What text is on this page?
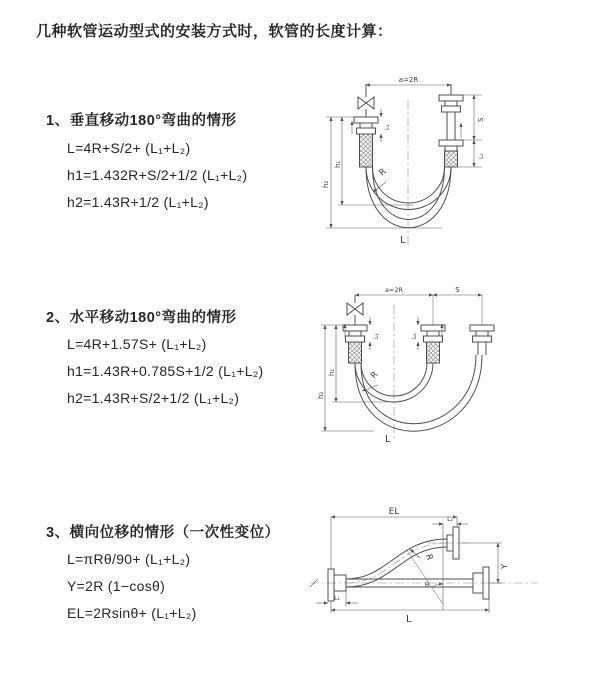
几种软管运动型式的安装方式时，软管的长度计算：
1、垂直移动180°弯曲的情形
L=4R+S/2+ (L₁+L₂)
h1=1.432R+S/2+1/2 (L₁+L₂)
h2=1.43R+1/2 (L₁+L₂)
2、水平移动180°弯曲的情形
L=4R+1.57S+ (L₁+L₂)
h1=1.43R+0.785S+1/2 (L₁+L₂)
h2=1.43R+S/2+1/2 (L₁+L₂)
3、横向位移的情形（一次性变位）
L=πRθ/90+ (L₁+L₂)
Y=2R (1−cosθ)
EL=2Rsinθ+ (L₁+L₂)
a=2R
h₂
h₁
S
L₂
L₁
R
L
a=2R	S
h₂
h₁
L₁	L₂
R
L
EL
L₂
Y
R
θ
L
L₁
